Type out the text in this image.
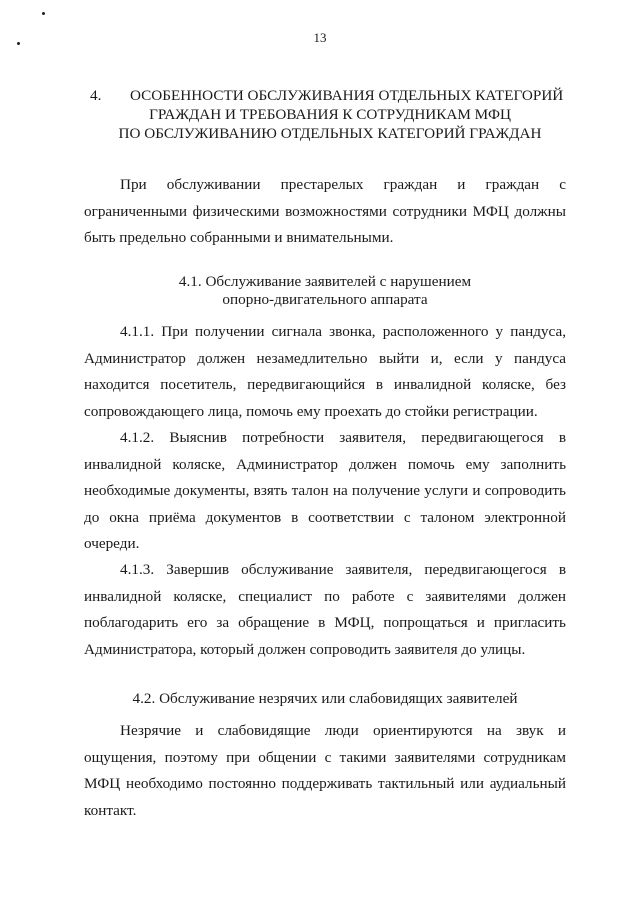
13
4.	ОСОБЕННОСТИ ОБСЛУЖИВАНИЯ ОТДЕЛЬНЫХ КАТЕГОРИЙ
ГРАЖДАН И ТРЕБОВАНИЯ К СОТРУДНИКАМ МФЦ
ПО ОБСЛУЖИВАНИЮ ОТДЕЛЬНЫХ КАТЕГОРИЙ ГРАЖДАН

При обслуживании престарелых граждан и граждан с ограниченными физическими возможностями сотрудники МФЦ должны быть предельно собранными и внимательными.

4.1. Обслуживание заявителей с нарушением
опорно-двигательного аппарата

4.1.1. При получении сигнала звонка, расположенного у пандуса, Администратор должен незамедлительно выйти и, если у пандуса находится посетитель, передвигающийся в инвалидной коляске, без сопровождающего лица, помочь ему проехать до стойки регистрации.

4.1.2. Выяснив потребности заявителя, передвигающегося в инвалидной коляске, Администратор должен помочь ему заполнить необходимые документы, взять талон на получение услуги и сопроводить до окна приёма документов в соответствии с талоном электронной очереди.

4.1.3. Завершив обслуживание заявителя, передвигающегося в инвалидной коляске, специалист по работе с заявителями должен поблагодарить его за обращение в МФЦ, попрощаться и пригласить Администратора, который должен сопроводить заявителя до улицы.

4.2. Обслуживание незрячих или слабовидящих заявителей

Незрячие и слабовидящие люди ориентируются на звук и ощущения, поэтому при общении с такими заявителями сотрудникам МФЦ необходимо постоянно поддерживать тактильный или аудиальный контакт.
